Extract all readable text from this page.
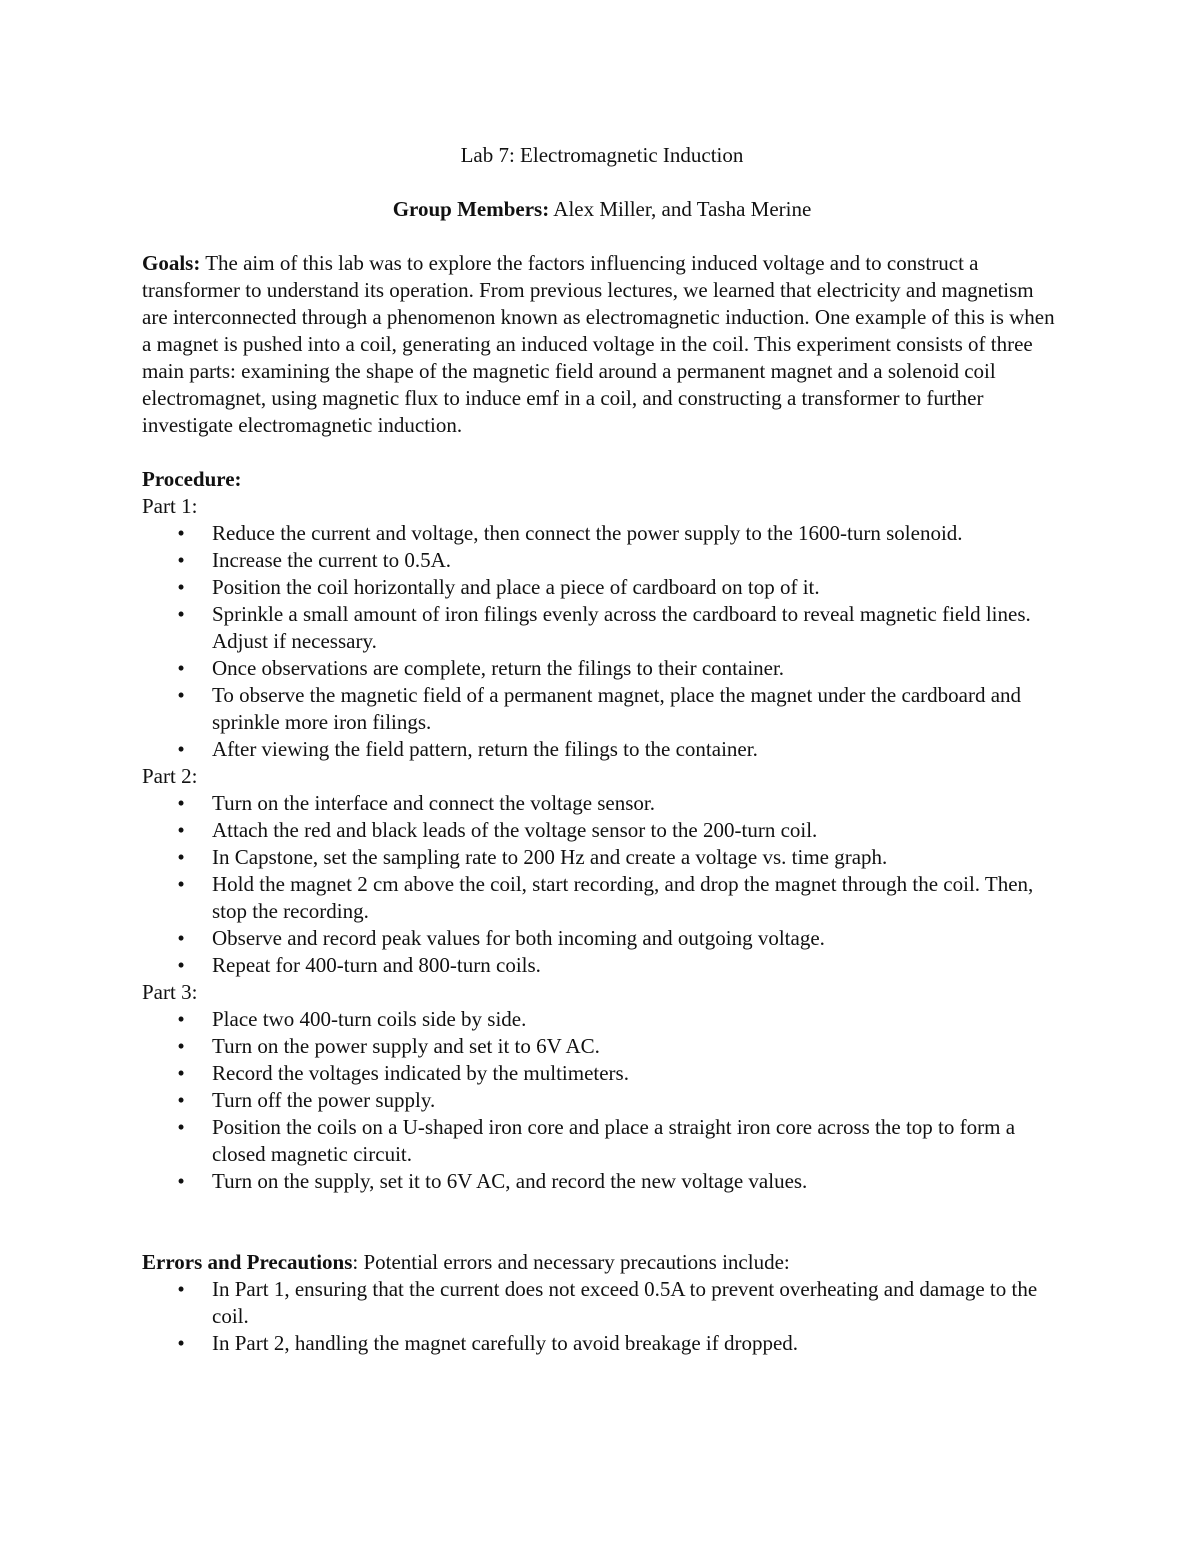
Lab 7: Electromagnetic Induction

Group Members: Alex Miller, and Tasha Merine

Goals: The aim of this lab was to explore the factors influencing induced voltage and to construct a transformer to understand its operation. From previous lectures, we learned that electricity and magnetism are interconnected through a phenomenon known as electromagnetic induction. One example of this is when a magnet is pushed into a coil, generating an induced voltage in the coil. This experiment consists of three main parts: examining the shape of the magnetic field around a permanent magnet and a solenoid coil electromagnet, using magnetic flux to induce emf in a coil, and constructing a transformer to further investigate electromagnetic induction.

Procedure:

Part 1:

• Reduce the current and voltage, then connect the power supply to the 1600-turn solenoid.
• Increase the current to 0.5A.
• Position the coil horizontally and place a piece of cardboard on top of it.
• Sprinkle a small amount of iron filings evenly across the cardboard to reveal magnetic field lines. Adjust if necessary.
• Once observations are complete, return the filings to their container.
• To observe the magnetic field of a permanent magnet, place the magnet under the cardboard and sprinkle more iron filings.
• After viewing the field pattern, return the filings to the container.

Part 2:

• Turn on the interface and connect the voltage sensor.
• Attach the red and black leads of the voltage sensor to the 200-turn coil.
• In Capstone, set the sampling rate to 200 Hz and create a voltage vs. time graph.
• Hold the magnet 2 cm above the coil, start recording, and drop the magnet through the coil. Then, stop the recording.
• Observe and record peak values for both incoming and outgoing voltage.
• Repeat for 400-turn and 800-turn coils.

Part 3:

• Place two 400-turn coils side by side.
• Turn on the power supply and set it to 6V AC.
• Record the voltages indicated by the multimeters.
• Turn off the power supply.
• Position the coils on a U-shaped iron core and place a straight iron core across the top to form a closed magnetic circuit.
• Turn on the supply, set it to 6V AC, and record the new voltage values.

Errors and Precautions: Potential errors and necessary precautions include:

• In Part 1, ensuring that the current does not exceed 0.5A to prevent overheating and damage to the coil.
• In Part 2, handling the magnet carefully to avoid breakage if dropped.
